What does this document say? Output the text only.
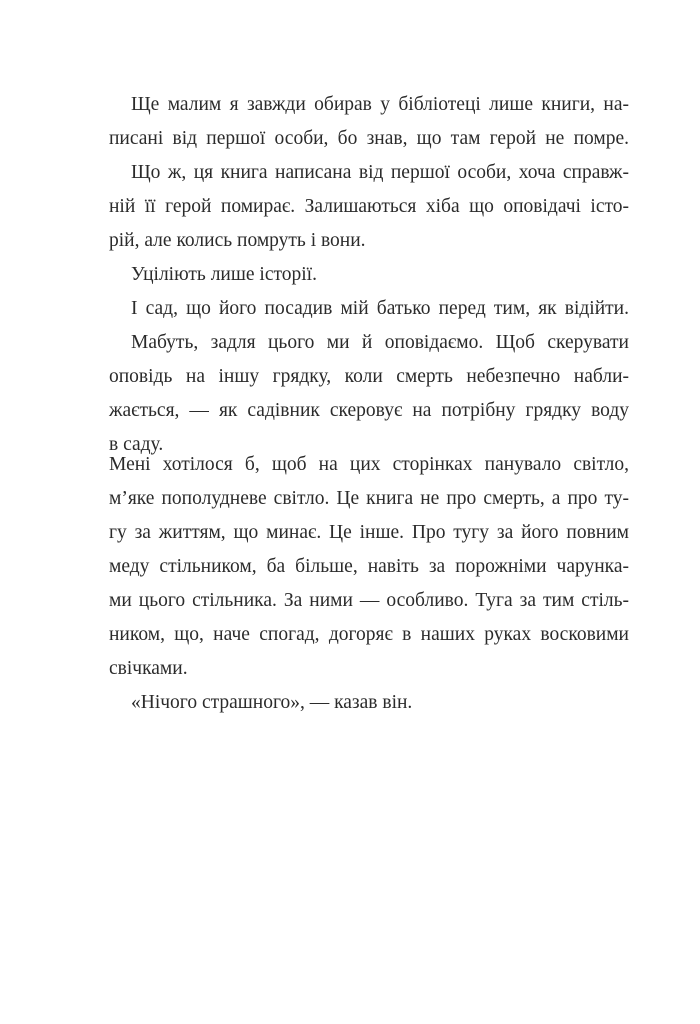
Ще малим я завжди обирав у бібліотеці лише книги, на-
писані від першої особи, бо знав, що там герой не помре.
Що ж, ця книга написана від першої особи, хоча справж-
ній її герой помирає. Залишаються хіба що оповідачі істо-
рій, але колись помруть і вони.
Уціліють лише історії.
І сад, що його посадив мій батько перед тим, як відійти.
Мабуть, задля цього ми й оповідаємо. Щоб скерувати
оповідь на іншу грядку, коли смерть небезпечно набли-
жається, — як садівник скеровує на потрібну грядку воду
в саду.
Мені хотілося б, щоб на цих сторінках панувало світло,
м’яке пополудневе світло. Це книга не про смерть, а про ту-
гу за життям, що минає. Це інше. Про тугу за його повним
меду стільником, ба більше, навіть за порожніми чарунка-
ми цього стільника. За ними — особливо. Туга за тим стіль-
ником, що, наче спогад, догоряє в наших руках восковими
свічками.
«Нічого страшного», — казав він.
